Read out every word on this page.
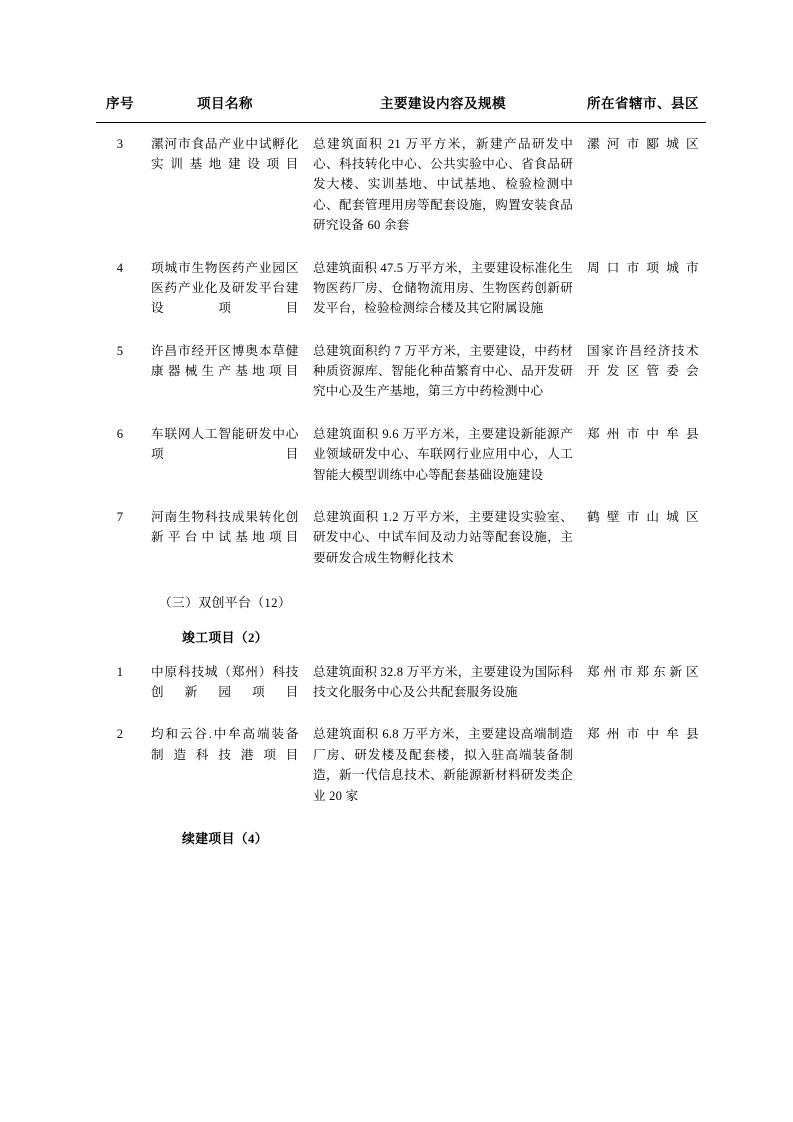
序号	项目名称	主要建设内容及规模	所在省辖市、县区
3	漯河市食品产业中试孵化实训基地建设项目	总建筑面积 21 万平方米，新建产品研发中心、科技转化中心、公共实验中心、省食品研发大楼、实训基地、中试基地、检验检测中心、配套管理用房等配套设施，购置安装食品研究设备 60 余套	漯河市郾城区
4	项城市生物医药产业园区医药产业化及研发平台建设项目	总建筑面积 47.5 万平方米，主要建设标准化生物医药厂房、仓储物流用房、生物医药创新研发平台，检验检测综合楼及其它附属设施	周口市项城市
5	许昌市经开区博奥本草健康器械生产基地项目	总建筑面积约 7 万平方米，主要建设，中药材种质资源库、智能化种苗繁育中心、品开发研究中心及生产基地，第三方中药检测中心	国家许昌经济技术开发区管委会
6	车联网人工智能研发中心项目	总建筑面积 9.6 万平方米，主要建设新能源产业领域研发中心、车联网行业应用中心，人工智能大模型训练中心等配套基础设施建设	郑州市中牟县
7	河南生物科技成果转化创新平台中试基地项目	总建筑面积 1.2 万平方米，主要建设实验室、研发中心、中试车间及动力站等配套设施，主要研发合成生物孵化技术	鹤壁市山城区
	（三）双创平台（12）		
	竣工项目（2）		
1	中原科技城（郑州）科技创新园项目	总建筑面积 32.8 万平方米，主要建设为国际科技文化服务中心及公共配套服务设施	郑州市郑东新区
2	均和云谷.中牟高端装备制造科技港项目	总建筑面积 6.8 万平方米，主要建设高端制造厂房、研发楼及配套楼，拟入驻高端装备制造，新一代信息技术、新能源新材料研发类企业 20 家	郑州市中牟县
	续建项目（4）		
